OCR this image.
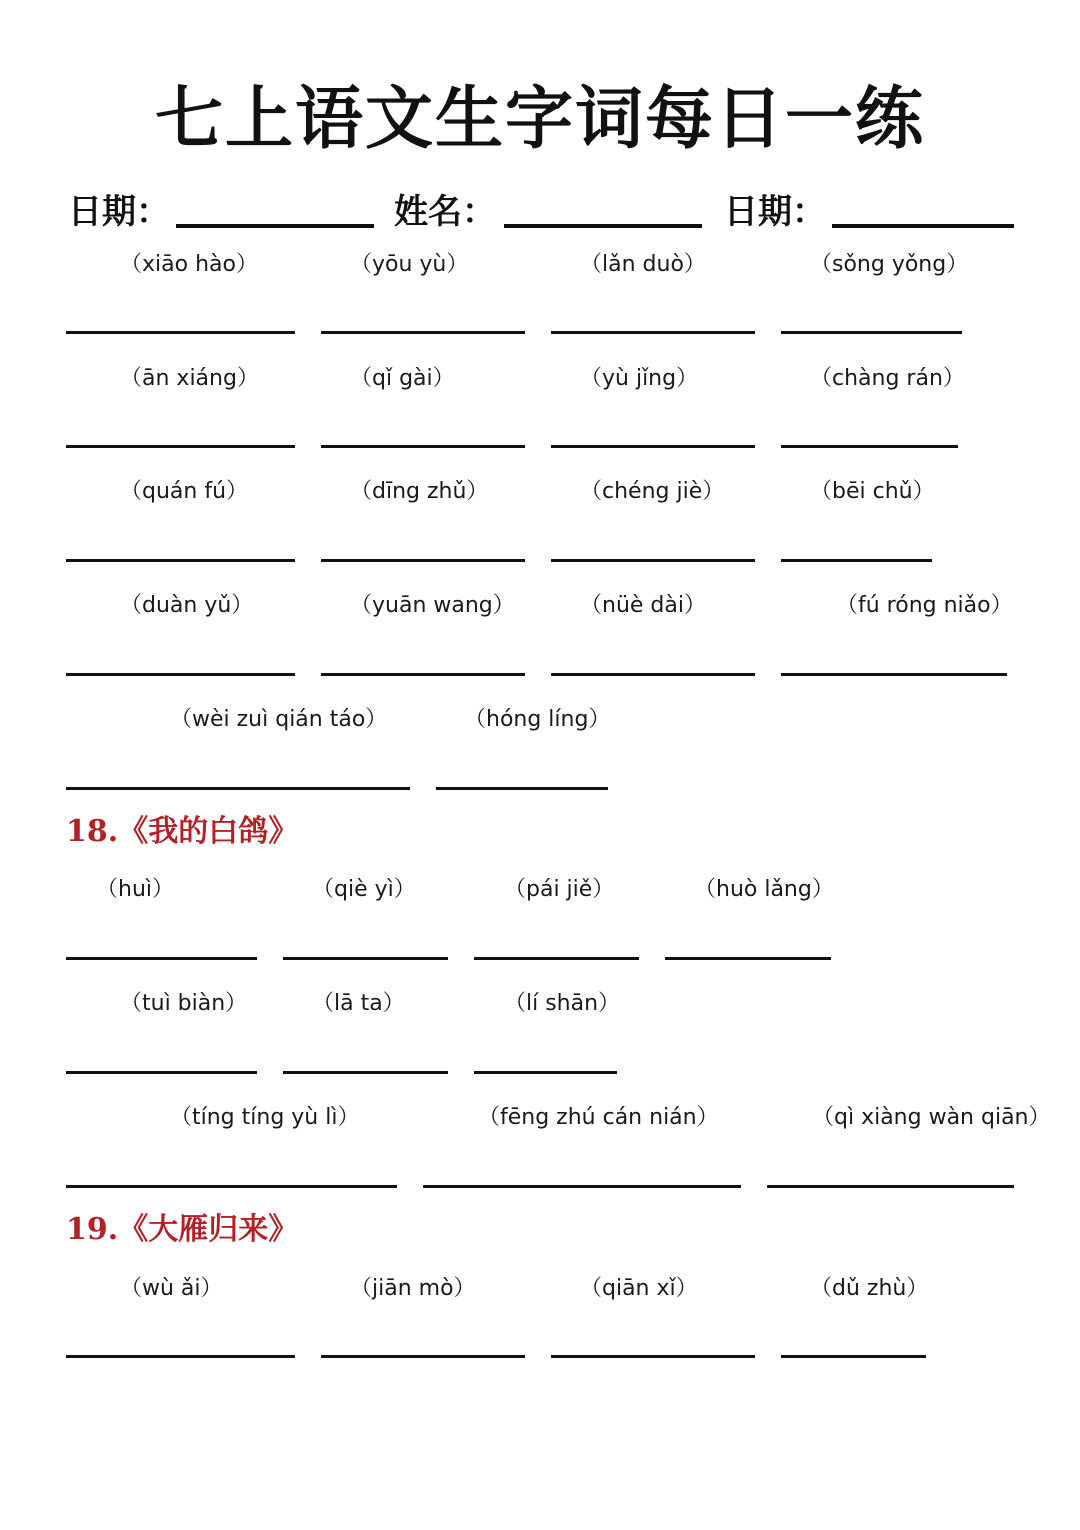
七上语文生字词每日一练
日期：	姓名：	日期：
（xiāo hào）	（yōu yù）	（lǎn duò）	（sǒng yǒng）
（ān xiáng）	（qǐ gài）	（yù jǐng）	（chàng rán）
（quán fú）	（dīng zhǔ）	（chéng jiè）	（bēi chǔ）
（duàn yǔ）	（yuān wang）	（nüè dài）	（fú róng niǎo）
（wèi zuì qián táo）	（hóng líng）
18.《我的白鸽》
（huì）	（qiè yì）	（pái jiě）	（huò lǎng）
（tuì biàn）	（lā ta）	（lí shān）
（tíng tíng yù lì）	（fēng zhú cán nián）	（qì xiàng wàn qiān）
19.《大雁归来》
（wù ǎi）	（jiān mò）	（qiān xǐ）	（dǔ zhù）
